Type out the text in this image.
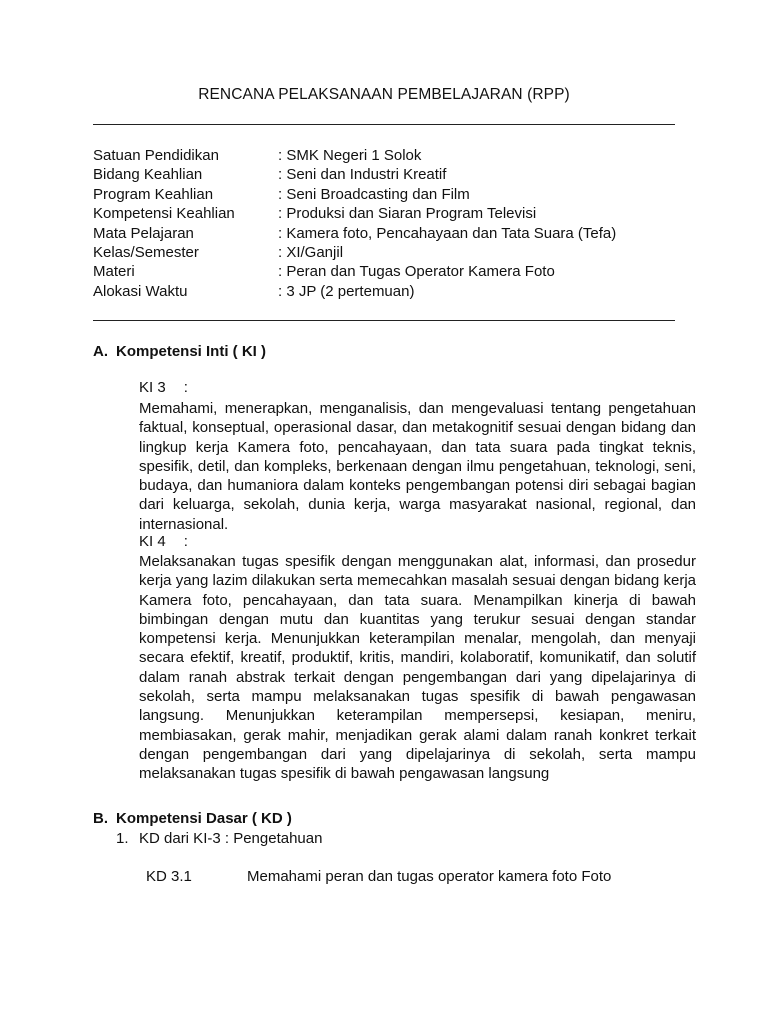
RENCANA PELAKSANAAN PEMBELAJARAN (RPP)
Satuan Pendidikan	: SMK Negeri 1 Solok
Bidang Keahlian	: Seni dan Industri Kreatif
Program Keahlian	: Seni Broadcasting dan Film
Kompetensi Keahlian	: Produksi dan Siaran Program Televisi
Mata Pelajaran	: Kamera foto, Pencahayaan dan Tata Suara (Tefa)
Kelas/Semester	: XI/Ganjil
Materi	: Peran dan Tugas Operator Kamera Foto
Alokasi Waktu	: 3 JP (2 pertemuan)
A. Kompetensi Inti ( KI )
KI 3 :
Memahami, menerapkan, menganalisis, dan mengevaluasi tentang pengetahuan faktual, konseptual, operasional dasar, dan metakognitif sesuai dengan bidang dan lingkup kerja Kamera foto, pencahayaan, dan tata suara pada tingkat teknis, spesifik, detil, dan kompleks, berkenaan dengan ilmu pengetahuan, teknologi, seni, budaya, dan humaniora dalam konteks pengembangan potensi diri sebagai bagian dari keluarga, sekolah, dunia kerja, warga masyarakat nasional, regional, dan internasional.
KI 4 :
Melaksanakan tugas spesifik dengan menggunakan alat, informasi, dan prosedur kerja yang lazim dilakukan serta memecahkan masalah sesuai dengan bidang kerja Kamera foto, pencahayaan, dan tata suara. Menampilkan kinerja di bawah bimbingan dengan mutu dan kuantitas yang terukur sesuai dengan standar kompetensi kerja. Menunjukkan keterampilan menalar, mengolah, dan menyaji secara efektif, kreatif, produktif, kritis, mandiri, kolaboratif, komunikatif, dan solutif dalam ranah abstrak terkait dengan pengembangan dari yang dipelajarinya di sekolah, serta mampu melaksanakan tugas spesifik di bawah pengawasan langsung. Menunjukkan keterampilan mempersepsi, kesiapan, meniru, membiasakan, gerak mahir, menjadikan gerak alami dalam ranah konkret terkait dengan pengembangan dari yang dipelajarinya di sekolah, serta mampu melaksanakan tugas spesifik di bawah pengawasan langsung
B. Kompetensi Dasar ( KD )
1. KD dari KI-3 : Pengetahuan
KD 3.1	Memahami peran dan tugas operator kamera foto Foto
